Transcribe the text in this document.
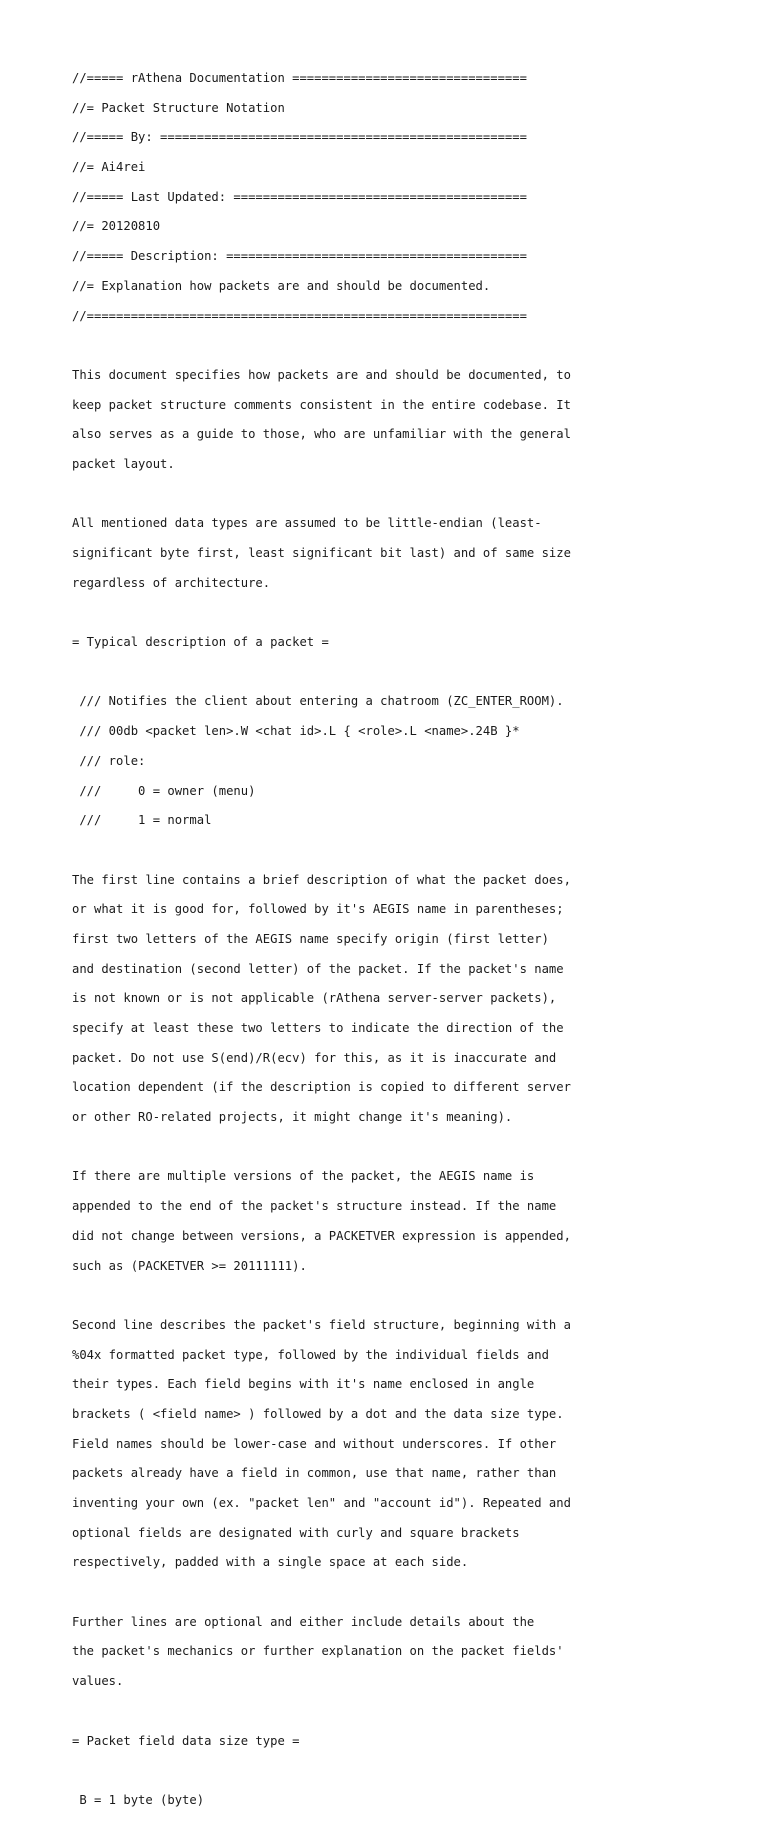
//===== rAthena Documentation ================================

//= Packet Structure Notation

//===== By: ==================================================

//= Ai4rei

//===== Last Updated: ========================================

//= 20120810

//===== Description: =========================================

//= Explanation how packets are and should be documented.

//============================================================

This document specifies how packets are and should be documented, to

keep packet structure comments consistent in the entire codebase. It

also serves as a guide to those, who are unfamiliar with the general

packet layout.

All mentioned data types are assumed to be little-endian (least-

significant byte first, least significant bit last) and of same size

regardless of architecture.

= Typical description of a packet =

/// Notifies the client about entering a chatroom (ZC_ENTER_ROOM).

/// 00db <packet len>.W <chat id>.L { <role>.L <name>.24B }*

/// role:

///     0 = owner (menu)

///     1 = normal

The first line contains a brief description of what the packet does,

or what it is good for, followed by it's AEGIS name in parentheses;

first two letters of the AEGIS name specify origin (first letter)

and destination (second letter) of the packet. If the packet's name

is not known or is not applicable (rAthena server-server packets),

specify at least these two letters to indicate the direction of the

packet. Do not use S(end)/R(ecv) for this, as it is inaccurate and

location dependent (if the description is copied to different server

or other RO-related projects, it might change it's meaning).

If there are multiple versions of the packet, the AEGIS name is

appended to the end of the packet's structure instead. If the name

did not change between versions, a PACKETVER expression is appended,

such as (PACKETVER >= 20111111).

Second line describes the packet's field structure, beginning with a

%04x formatted packet type, followed by the individual fields and

their types. Each field begins with it's name enclosed in angle

brackets ( <field name> ) followed by a dot and the data size type.

Field names should be lower-case and without underscores. If other

packets already have a field in common, use that name, rather than

inventing your own (ex. "packet len" and "account id"). Repeated and

optional fields are designated with curly and square brackets

respectively, padded with a single space at each side.

Further lines are optional and either include details about the

the packet's mechanics or further explanation on the packet fields'

values.

= Packet field data size type =

B = 1 byte (byte)
